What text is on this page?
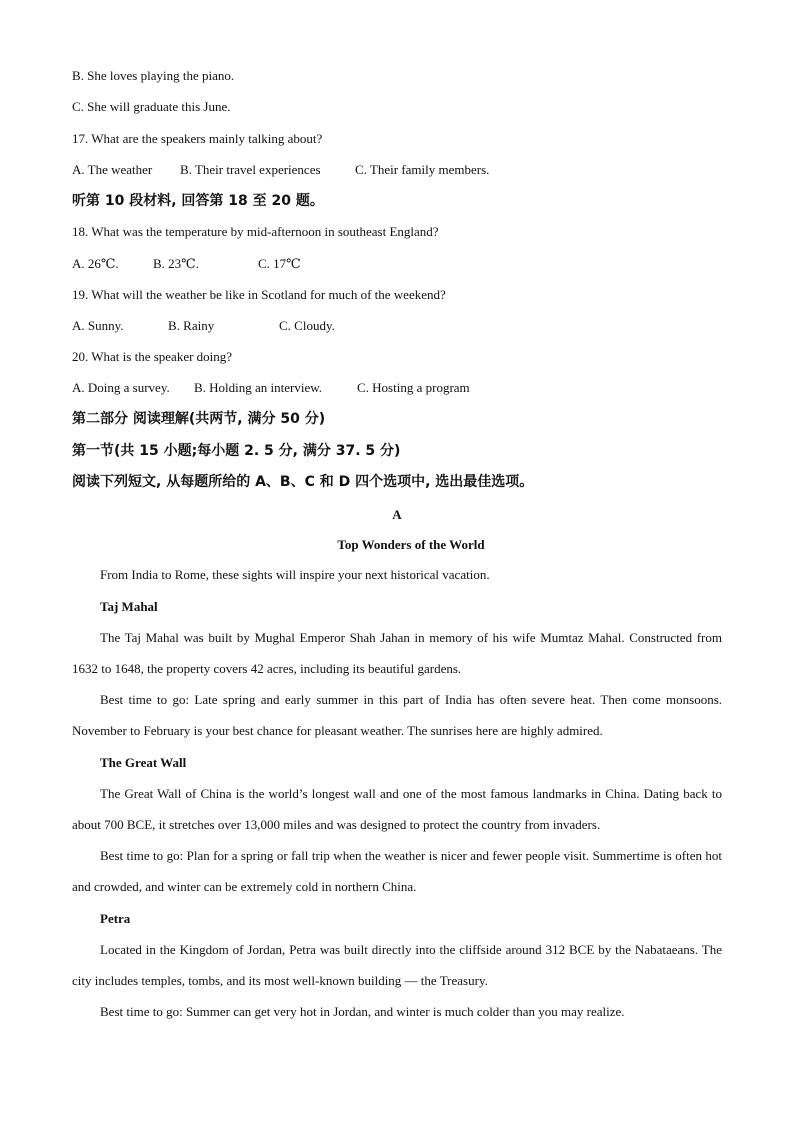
B. She loves playing the piano.
C. She will graduate this June.
17. What are the speakers mainly talking about?
A. The weather B. Their travel experiences	C. Their family members.
听第 10 段材料, 回答第 18 至 20 题。
18. What was the temperature by mid-afternoon in southeast England?
A. 26℃.	B. 23℃.	C. 17℃
19. What will the weather be like in Scotland for much of the weekend?
A. Sunny.	B. Rainy	C. Cloudy.
20. What is the speaker doing?
A. Doing a survey. B. Holding an interview.	C. Hosting a program
第二部分 阅读理解(共两节, 满分 50 分)
第一节(共 15 小题;每小题 2. 5 分, 满分 37. 5 分)
阅读下列短文, 从每题所给的 A、B、C 和 D 四个选项中, 选出最佳选项。
A
Top Wonders of the World
From India to Rome, these sights will inspire your next historical vacation.
Taj Mahal
The Taj Mahal was built by Mughal Emperor Shah Jahan in memory of his wife Mumtaz Mahal. Constructed from 1632 to 1648, the property covers 42 acres, including its beautiful gardens.
Best time to go: Late spring and early summer in this part of India has often severe heat. Then come monsoons. November to February is your best chance for pleasant weather. The sunrises here are highly admired.
The Great Wall
The Great Wall of China is the world’s longest wall and one of the most famous landmarks in China. Dating back to about 700 BCE, it stretches over 13,000 miles and was designed to protect the country from invaders.
Best time to go: Plan for a spring or fall trip when the weather is nicer and fewer people visit. Summertime is often hot and crowded, and winter can be extremely cold in northern China.
Petra
Located in the Kingdom of Jordan, Petra was built directly into the cliffside around 312 BCE by the Nabataeans. The city includes temples, tombs, and its most well-known building — the Treasury.
Best time to go: Summer can get very hot in Jordan, and winter is much colder than you may realize.
